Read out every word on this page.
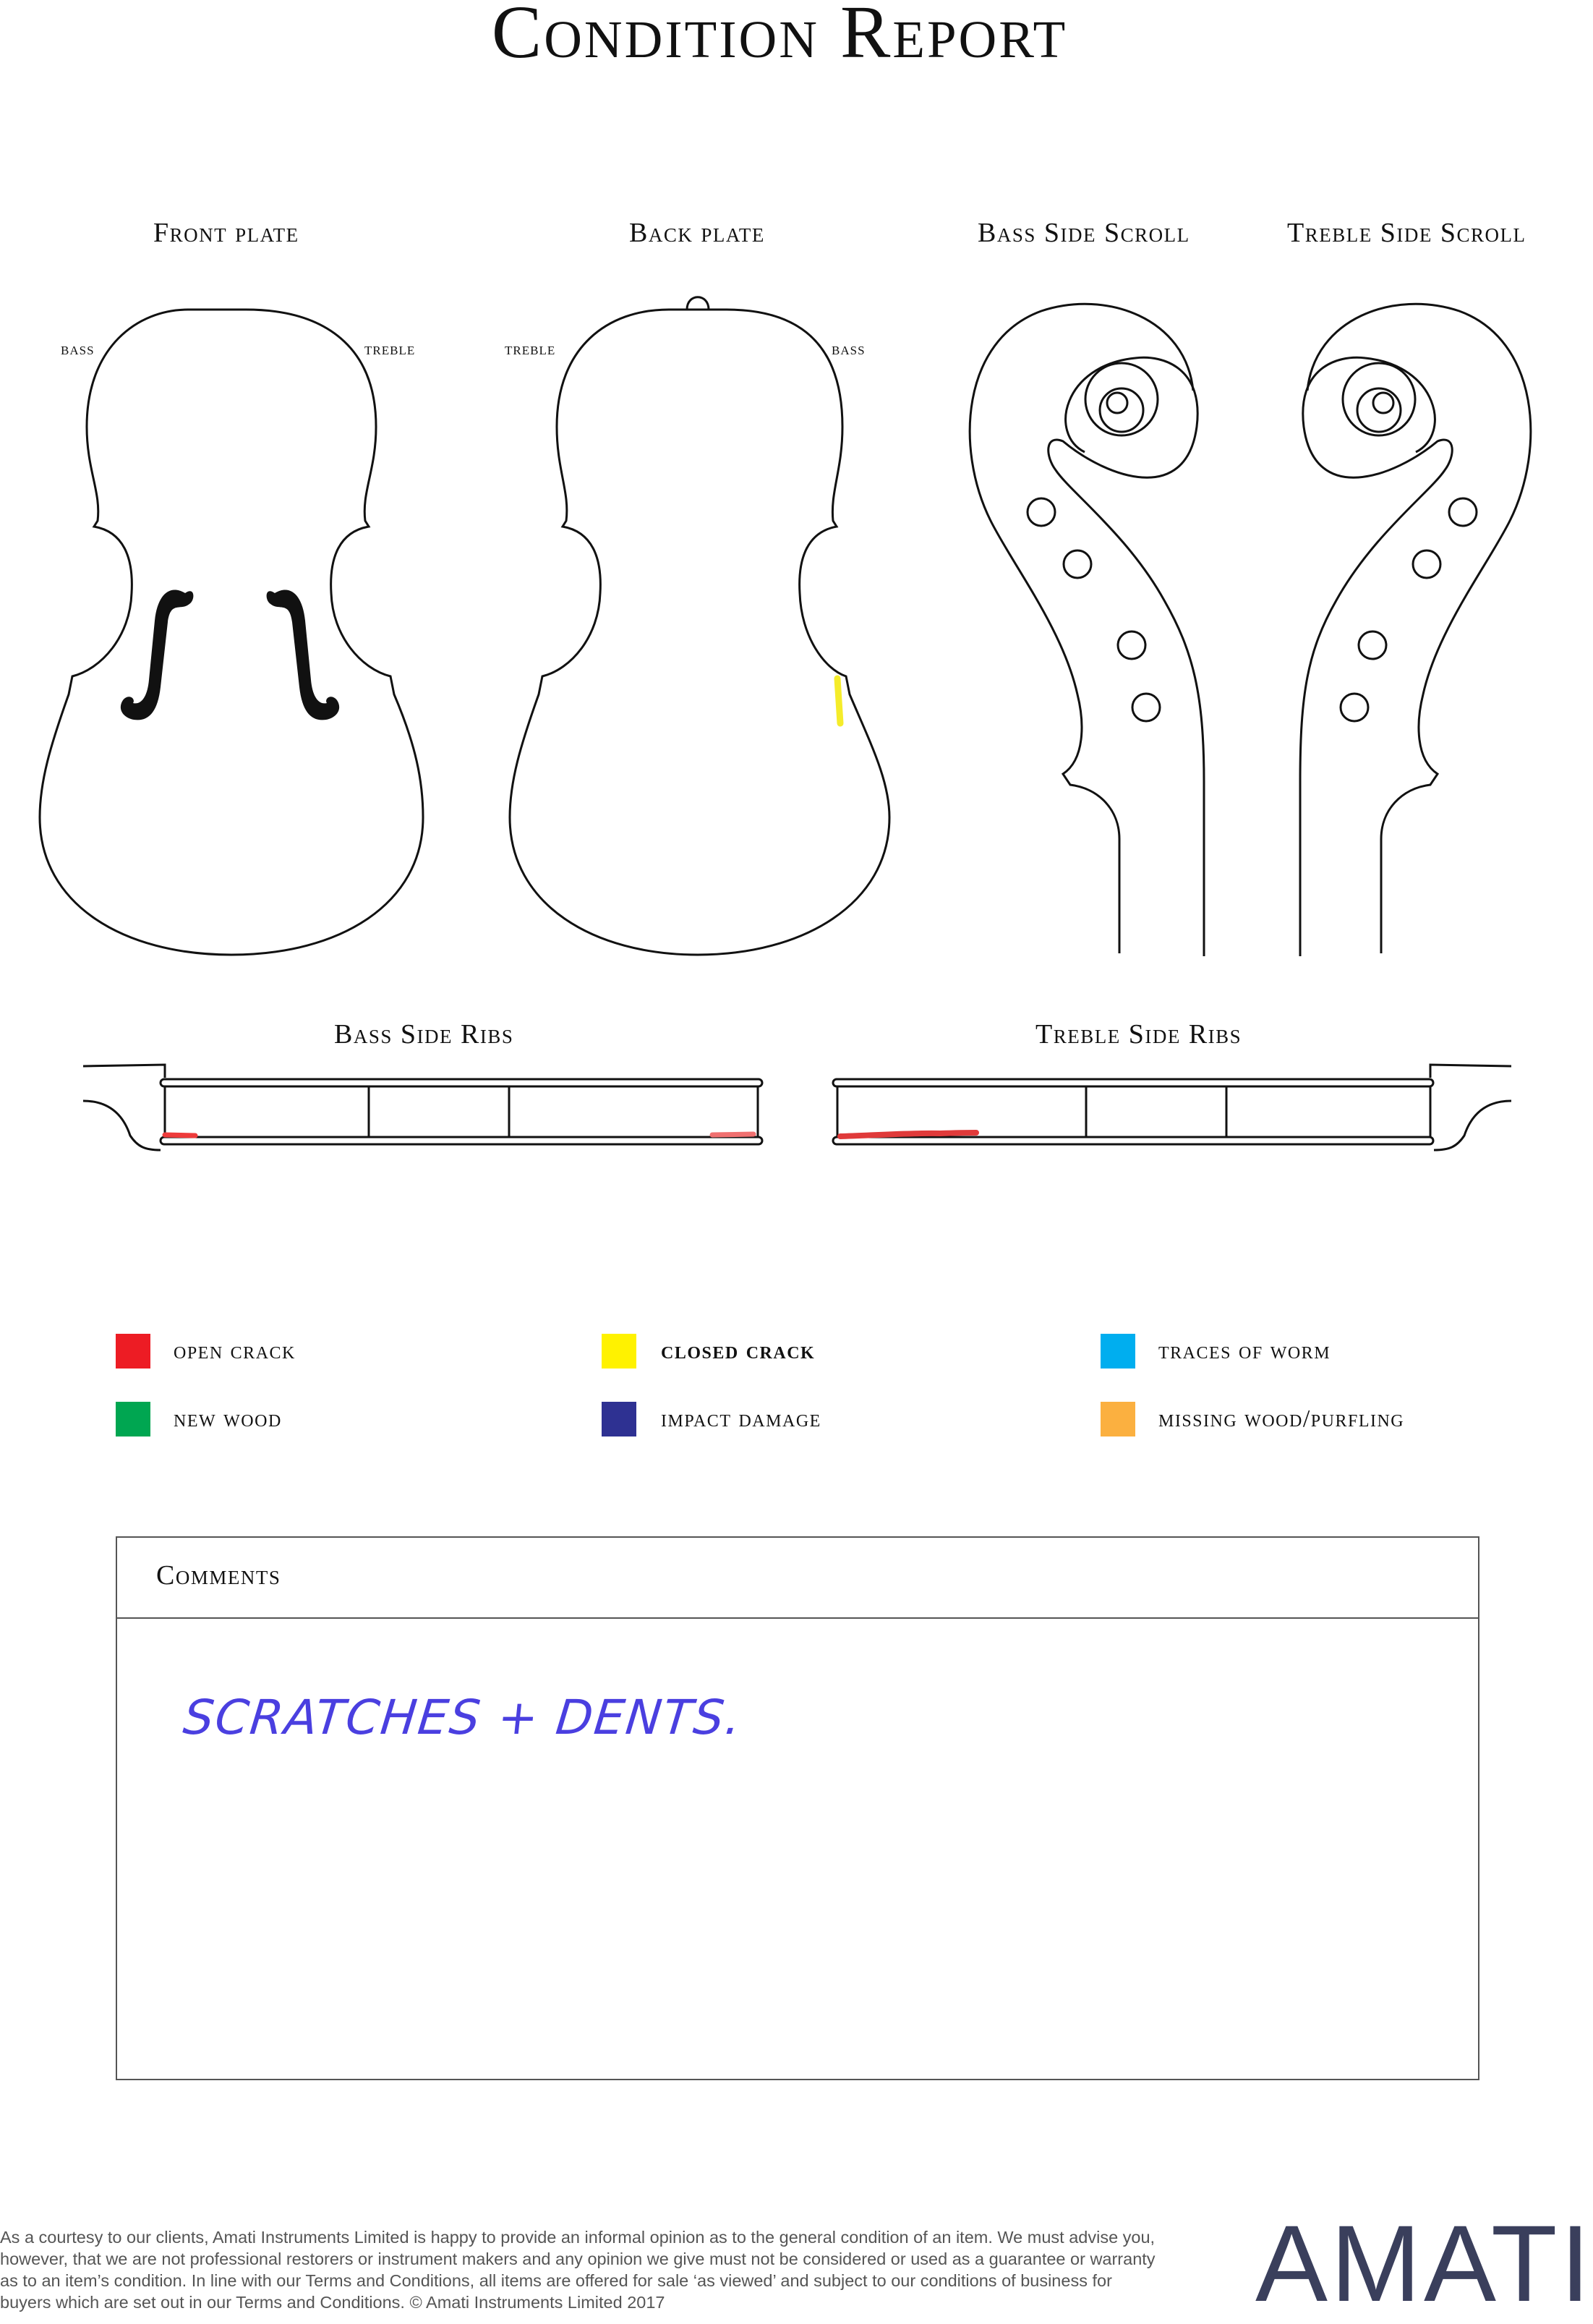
Condition Report
Front plate	Back plate	Bass Side Scroll	Treble Side Scroll
bass	treble	treble	bass
Bass Side Ribs	Treble Side Ribs
open crack	closed crack	traces of worm
new wood	impact damage	missing wood/purfling
Comments
SCRATCHES + DENTS.
As a courtesy to our clients, Amati Instruments Limited is happy to provide an informal opinion as to the general condition of an item. We must advise you, however, that we are not professional restorers or instrument makers and any opinion we give must not be considered or used as a guarantee or warranty as to an item’s condition. In line with our Terms and Conditions, all items are offered for sale ‘as viewed’ and subject to our conditions of business for buyers which are set out in our Terms and Conditions. © Amati Instruments Limited 2017	AMATI
